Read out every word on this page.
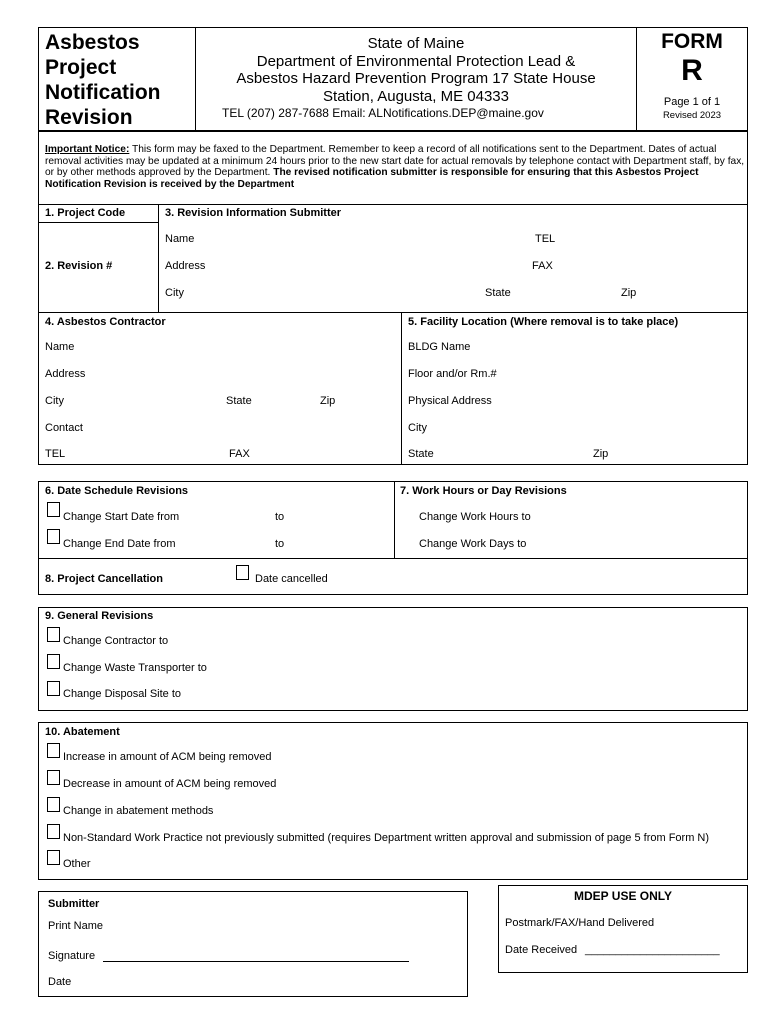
Asbestos
Project
Notification
Revision
State of Maine
Department of Environmental Protection Lead &
Asbestos Hazard Prevention Program 17 State House
Station, Augusta, ME 04333
TEL (207) 287-7688 Email: ALNotifications.DEP@maine.gov
FORM
R
Page 1 of 1
Revised 2023
Important Notice: This form may be faxed to the Department. Remember to keep a record of all notifications sent to the Department. Dates of actual removal activities may be updated at a minimum 24 hours prior to the new start date for actual removals by telephone contact with Department staff, by fax, or by other methods approved by the Department. The revised notification submitter is responsible for ensuring that this Asbestos Project Notification Revision is received by the Department
1. Project Code
2. Revision #
3. Revision Information Submitter
Name	TEL
Address	FAX
City	State	Zip
4. Asbestos Contractor
Name
Address
City	State	Zip
Contact
TEL	FAX
5. Facility Location (Where removal is to take place)
BLDG Name
Floor and/or Rm.#
Physical Address
City
State	Zip
6. Date Schedule Revisions
Change Start Date from	to
Change End Date from	to
7. Work Hours or Day Revisions
Change Work Hours to
Change Work Days to
8. Project Cancellation	Date cancelled
9. General Revisions
Change Contractor to
Change Waste Transporter to
Change Disposal Site to
10. Abatement
Increase in amount of ACM being removed
Decrease in amount of ACM being removed
Change in abatement methods
Non-Standard Work Practice not previously submitted (requires Department written approval and submission of page 5 from Form N)
Other
Submitter
Print Name
Signature
Date
MDEP USE ONLY
Postmark/FAX/Hand Delivered
Date Received ______________________
